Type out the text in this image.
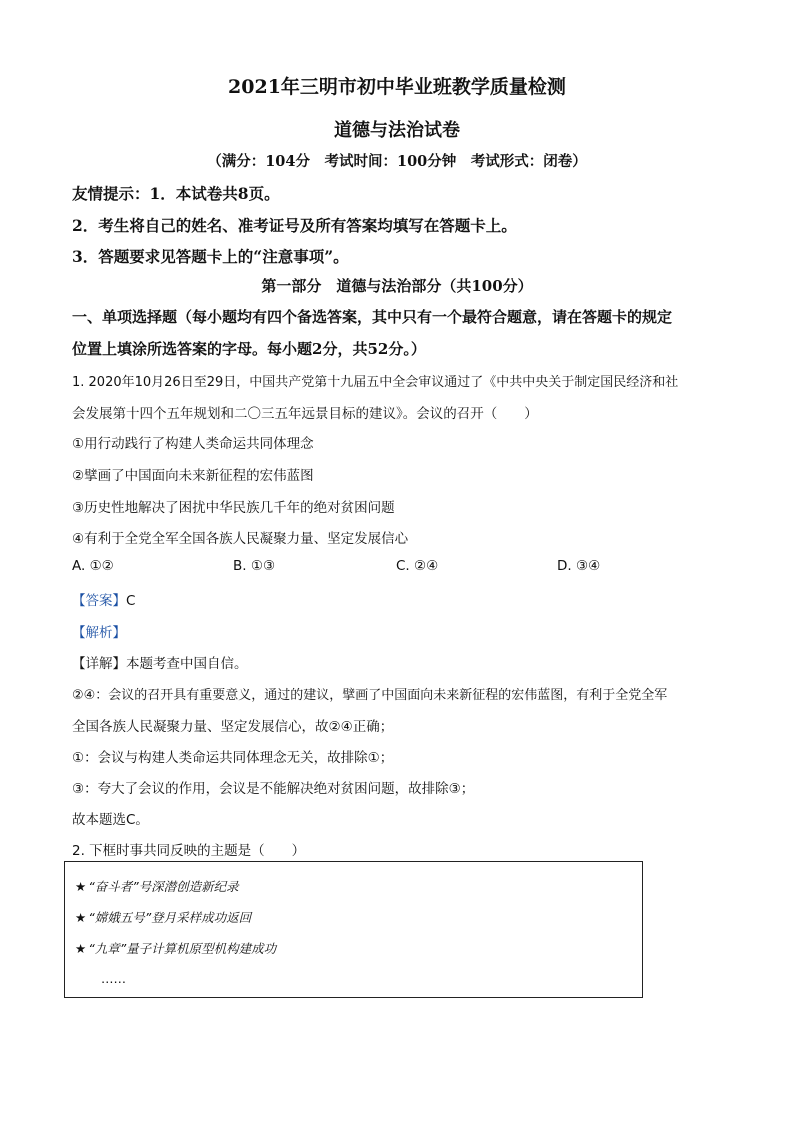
2021年三明市初中毕业班教学质量检测
道德与法治试卷
（满分：104分　考试时间：100分钟　考试形式：闭卷）
友情提示：1．本试卷共8页。
2．考生将自己的姓名、准考证号及所有答案均填写在答题卡上。
3．答题要求见答题卡上的“注意事项”。
第一部分　道德与法治部分（共100分）
一、单项选择题（每小题均有四个备选答案，其中只有一个最符合题意，请在答题卡的规定
位置上填涂所选答案的字母。每小题2分，共52分。）
1. 2020年10月26日至29日，中国共产党第十九届五中全会审议通过了《中共中央关于制定国民经济和社
会发展第十四个五年规划和二〇三五年远景目标的建议》。会议的召开（　　）
①用行动践行了构建人类命运共同体理念
②擘画了中国面向未来新征程的宏伟蓝图
③历史性地解决了困扰中华民族几千年的绝对贫困问题
④有利于全党全军全国各族人民凝聚力量、坚定发展信心
A. ①②	B. ①③	C. ②④	D. ③④
【答案】C
【解析】
【详解】本题考查中国自信。
②④：会议的召开具有重要意义，通过的建议，擘画了中国面向未来新征程的宏伟蓝图，有利于全党全军
全国各族人民凝聚力量、坚定发展信心，故②④正确；
①：会议与构建人类命运共同体理念无关，故排除①；
③：夸大了会议的作用，会议是不能解决绝对贫困问题，故排除③；
故本题选C。
2. 下框时事共同反映的主题是（　　）
★ “奋斗者”号深潜创造新纪录
★ “嫦娥五号”登月采样成功返回
★ “九章”量子计算机原型机构建成功
……
